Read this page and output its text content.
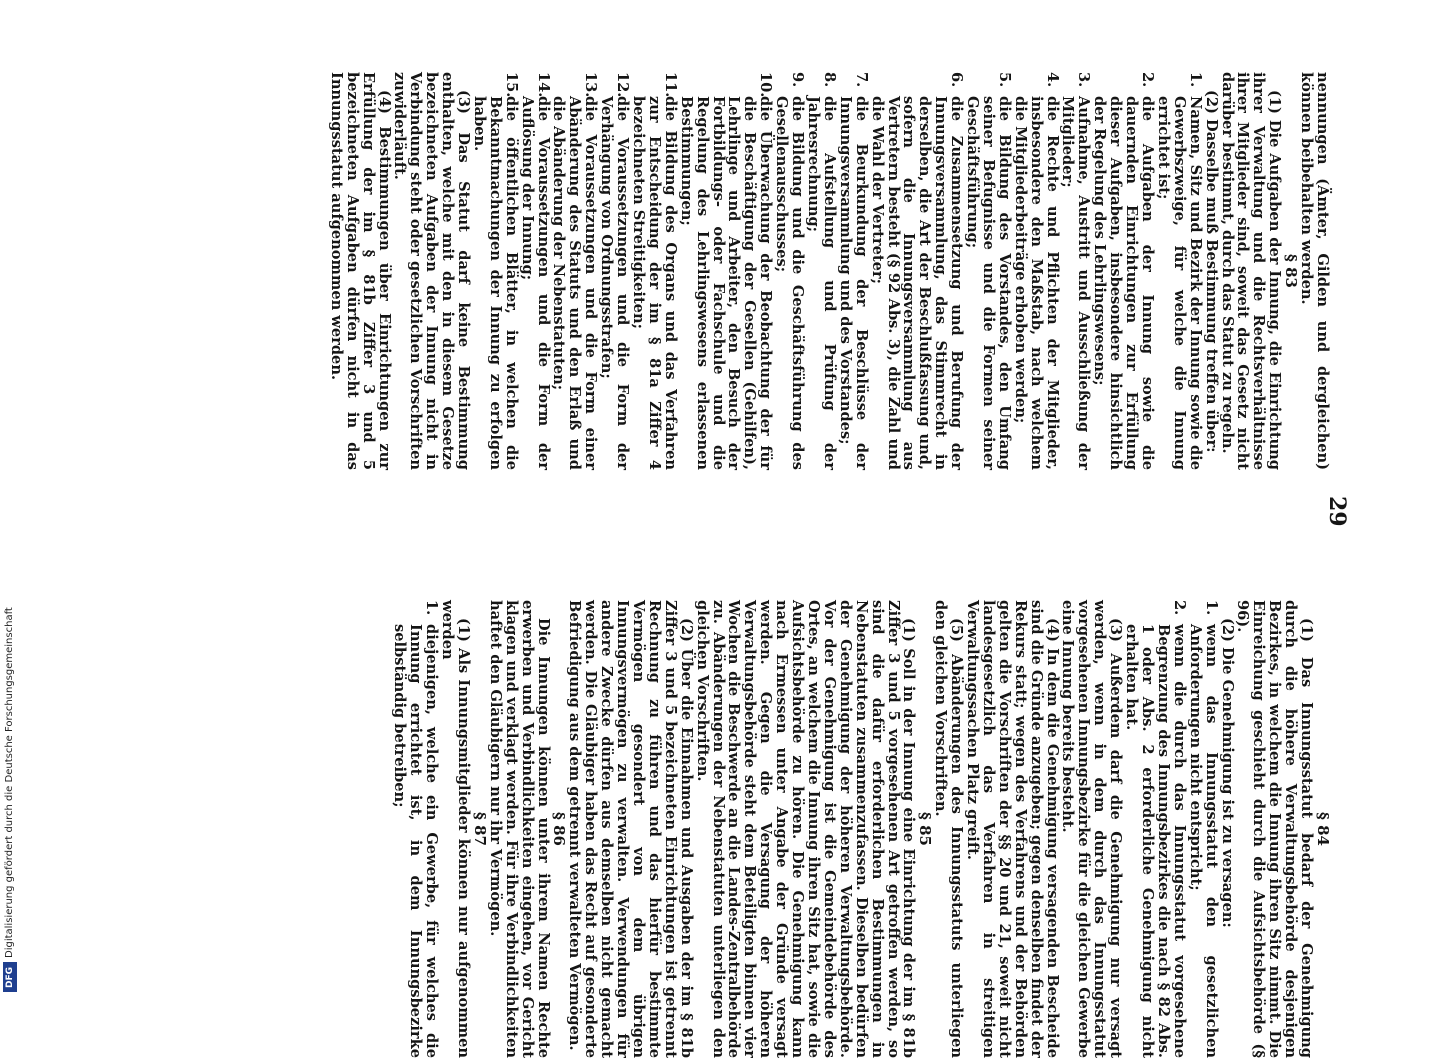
29

nennungen (Ämter, Gilden und dergleichen) können beibehalten werden.

§ 83

(1) Die Aufgaben der Innung, die Einrichtung ihrer Verwaltung und die Rechtsverhältnisse ihrer Mitglieder sind, soweit das Gesetz nicht darüber bestimmt, durch das Statut zu regeln.

(2) Dasselbe muß Bestimmung treffen über:

1.
Namen, Sitz und Bezirk der Innung sowie die Gewerbszweige, für welche die Innung errichtet ist;
2.
die Aufgaben der Innung sowie die dauernden Einrichtungen zur Erfüllung dieser Aufgaben, insbesondere hinsichtlich der Regelung des Lehrlingswesens;
3.
Aufnahme, Austritt und Ausschließung der Mitglieder;
4.
die Rechte und Pflichten der Mitglieder, insbesondere den Maßstab, nach welchem die Mitgliederbeiträge erhoben werden;
5.
die Bildung des Vorstandes, den Umfang seiner Befugnisse und die Formen seiner Geschäftsführung;
6.
die Zusammensetzung und Berufung der Innungsversammlung, das Stimmrecht in derselben, die Art der Beschlußfassung und, sofern die Innungsversammlung aus Vertretern besteht (§ 92 Abs. 3), die Zahl und die Wahl der Vertreter;
7.
die Beurkundung der Beschlüsse der Innungsversammlung und des Vorstandes;
8.
die Aufstellung und Prüfung der Jahresrechnung;
9.
die Bildung und die Geschäftsführung des Gesellenausschusses;
10.
die Überwachung der Beobachtung der für die Beschäftigung der Gesellen (Gehilfen), Lehrlinge und Arbeiter, den Besuch der Fortbildungs- oder Fachschule und die Regelung des Lehrlingswesens erlassenen Bestimmungen;
11.
die Bildung des Organs und das Verfahren zur Entscheidung der im § 81a Ziffer 4 bezeichneten Streitigkeiten;
12.
die Voraussetzungen und die Form der Verhängung von Ordnungsstrafen;
13.
die Voraussetzungen und die Form einer Abänderung des Statuts und den Erlaß und die Abänderung der Nebenstatuten;
14.
die Voraussetzungen und die Form der Auflösung der Innung;
15.
die öffentlichen Blätter, in welchen die Bekanntmachungen der Innung zu erfolgen haben.

(3) Das Statut darf keine Bestimmung enthalten, welche mit den in diesem Gesetze bezeichneten Aufgaben der Innung nicht in Verbindung steht oder gesetzlichen Vorschriften zuwiderläuft.

(4) Bestimmungen über Einrichtungen zur Erfüllung der im § 81b Ziffer 3 und 5 bezeichneten Aufgaben dürfen nicht in das Innungsstatut aufgenommen werden.

§ 84

(1) Das Innungsstatut bedarf der Genehmigung durch die höhere Verwaltungsbehörde desjenigen Bezirkes, in welchem die Innung ihren Sitz nimmt. Die Einreichung geschieht durch die Aufsichtsbehörde (§ 96).

(2) Die Genehmigung ist zu versagen:

1.
wenn das Innungsstatut den gesetzlichen Anforderungen nicht entspricht;
2.
wenn die durch das Innungsstatut vorgesehene Begrenzung des Innungsbezirkes die nach § 82 Abs. 1 oder Abs. 2 erforderliche Genehmigung nicht erhalten hat.

(3) Außerdem darf die Genehmigung nur versagt werden, wenn in dem durch das Innungsstatut vorgesehenen Innungsbezirke für die gleichen Gewerbe eine Innung bereits besteht.

(4) In dem die Genehmigung versagenden Bescheide sind die Gründe anzugeben; gegen denselben findet der Rekurs statt; wegen des Verfahrens und der Behörden gelten die Vorschriften der §§ 20 und 21, soweit nicht landesgesetzlich das Verfahren in streitigen Verwaltungssachen Platz greift.

(5) Abänderungen des Innungsstatuts unterliegen den gleichen Vorschriften.

§ 85

(1) Soll in der Innung eine Einrichtung der im § 81b Ziffer 3 und 5 vorgesehenen Art getroffen werden, so sind die dafür erforderlichen Bestimmungen in Nebenstatuten zusammenzufassen. Dieselben bedürfen der Genehmigung der höheren Verwaltungsbehörde. Vor der Genehmigung ist die Gemeindebehörde des Ortes, an welchem die Innung ihren Sitz hat, sowie die Aufsichtsbehörde zu hören. Die Genehmigung kann nach Ermessen unter Angabe der Gründe versagt werden. Gegen die Versagung der höheren Verwaltungsbehörde steht dem Beteiligten binnen vier Wochen die Beschwerde an die Landes-Zentralbehörde zu. Abänderungen der Nebenstatuten unterliegen den gleichen Vorschriften.

(2) Über die Einnahmen und Ausgaben der im § 81b Ziffer 3 und 5 bezeichneten Einrichtungen ist getrennt Rechnung zu führen und das hierfür bestimmte Vermögen gesondert von dem übrigen Innungsvermögen zu verwalten. Verwendungen für andere Zwecke dürfen aus demselben nicht gemacht werden. Die Gläubiger haben das Recht auf gesonderte Befriedigung aus dem getrennt verwalteten Vermögen.

§ 86

Die Innungen können unter ihrem Namen Rechte erwerben und Verbindlichkeiten eingehen, vor Gericht klagen und verklagt werden. Für ihre Verbindlichkeiten haftet den Gläubigern nur ihr Vermögen.

§ 87

(1) Als Innungsmitglieder können nur aufgenommen werden

1.
diejenigen, welche ein Gewerbe, für welches die Innung errichtet ist, in dem Innungsbezirke selbständig betreiben;
DFG
Digitalisierung gefördert durch die Deutsche Forschungsgemeinschaft
